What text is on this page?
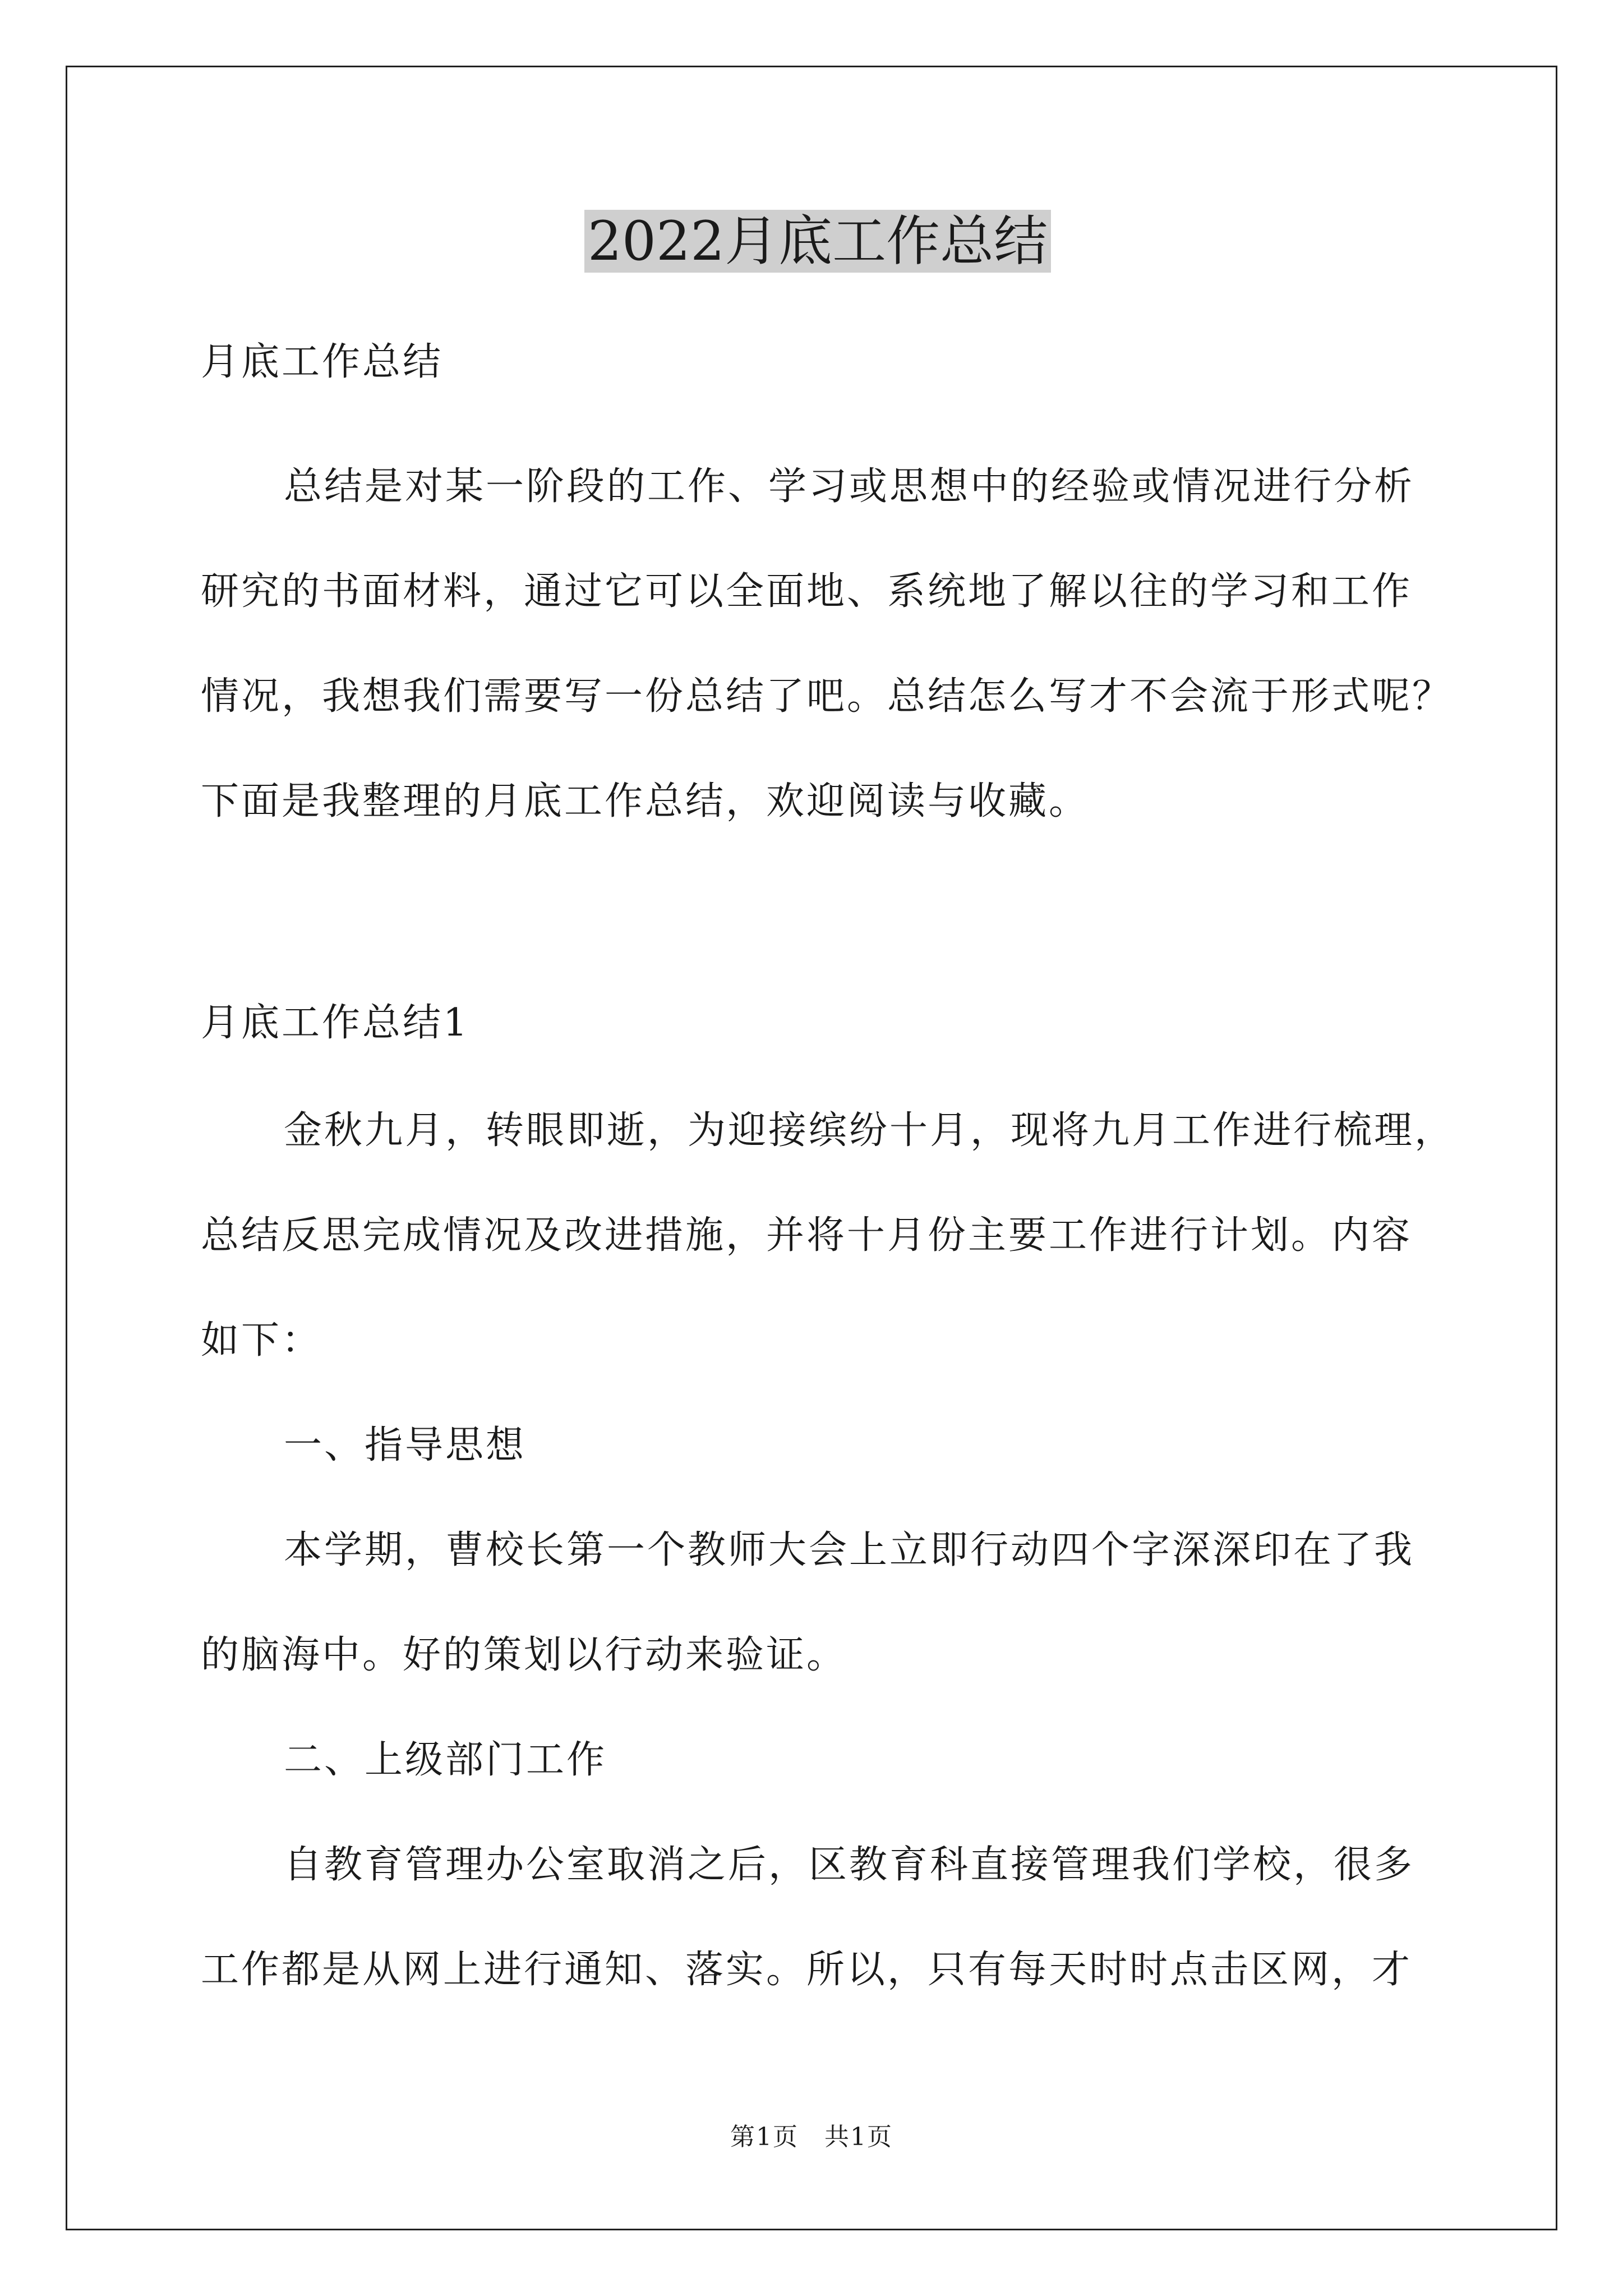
2022月底工作总结
月底工作总结
总结是对某一阶段的工作、学习或思想中的经验或情况进行分析
研究的书面材料，通过它可以全面地、系统地了解以往的学习和工作
情况，我想我们需要写一份总结了吧。总结怎么写才不会流于形式呢？
下面是我整理的月底工作总结，欢迎阅读与收藏。
月底工作总结1
金秋九月，转眼即逝，为迎接缤纷十月，现将九月工作进行梳理，
总结反思完成情况及改进措施，并将十月份主要工作进行计划。内容
如下：
一、指导思想
本学期，曹校长第一个教师大会上立即行动四个字深深印在了我
的脑海中。好的策划以行动来验证。
二、上级部门工作
自教育管理办公室取消之后，区教育科直接管理我们学校，很多
工作都是从网上进行通知、落实。所以，只有每天时时点击区网，才
第1页　共1页
